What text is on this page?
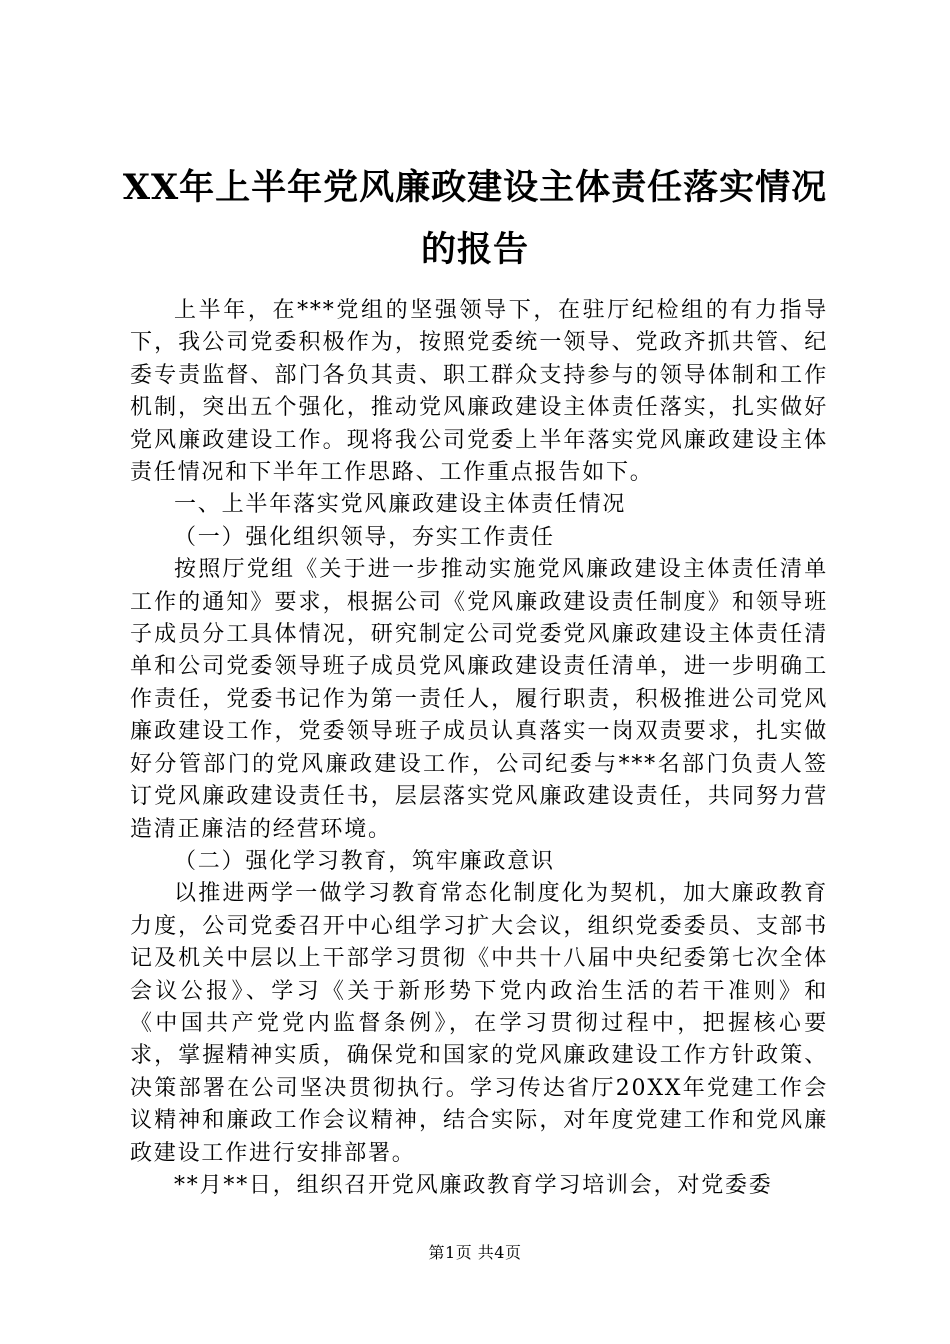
XX年上半年党风廉政建设主体责任落实情况
的报告

上半年，在***党组的坚强领导下，在驻厅纪检组的有力指导下，我公司党委积极作为，按照党委统一领导、党政齐抓共管、纪委专责监督、部门各负其责、职工群众支持参与的领导体制和工作机制，突出五个强化，推动党风廉政建设主体责任落实，扎实做好党风廉政建设工作。现将我公司党委上半年落实党风廉政建设主体责任情况和下半年工作思路、工作重点报告如下。

一、上半年落实党风廉政建设主体责任情况

（一）强化组织领导，夯实工作责任

按照厅党组《关于进一步推动实施党风廉政建设主体责任清单工作的通知》要求，根据公司《党风廉政建设责任制度》和领导班子成员分工具体情况，研究制定公司党委党风廉政建设主体责任清单和公司党委领导班子成员党风廉政建设责任清单，进一步明确工作责任，党委书记作为第一责任人，履行职责，积极推进公司党风廉政建设工作，党委领导班子成员认真落实一岗双责要求，扎实做好分管部门的党风廉政建设工作，公司纪委与***名部门负责人签订党风廉政建设责任书，层层落实党风廉政建设责任，共同努力营造清正廉洁的经营环境。

（二）强化学习教育，筑牢廉政意识

以推进两学一做学习教育常态化制度化为契机，加大廉政教育力度，公司党委召开中心组学习扩大会议，组织党委委员、支部书记及机关中层以上干部学习贯彻《中共十八届中央纪委第七次全体会议公报》、学习《关于新形势下党内政治生活的若干准则》和《中国共产党党内监督条例》，在学习贯彻过程中，把握核心要求，掌握精神实质，确保党和国家的党风廉政建设工作方针政策、决策部署在公司坚决贯彻执行。学习传达省厅20XX年党建工作会议精神和廉政工作会议精神，结合实际，对年度党建工作和党风廉政建设工作进行安排部署。

**月**日，组织召开党风廉政教育学习培训会，对党委委

第1页 共4页
